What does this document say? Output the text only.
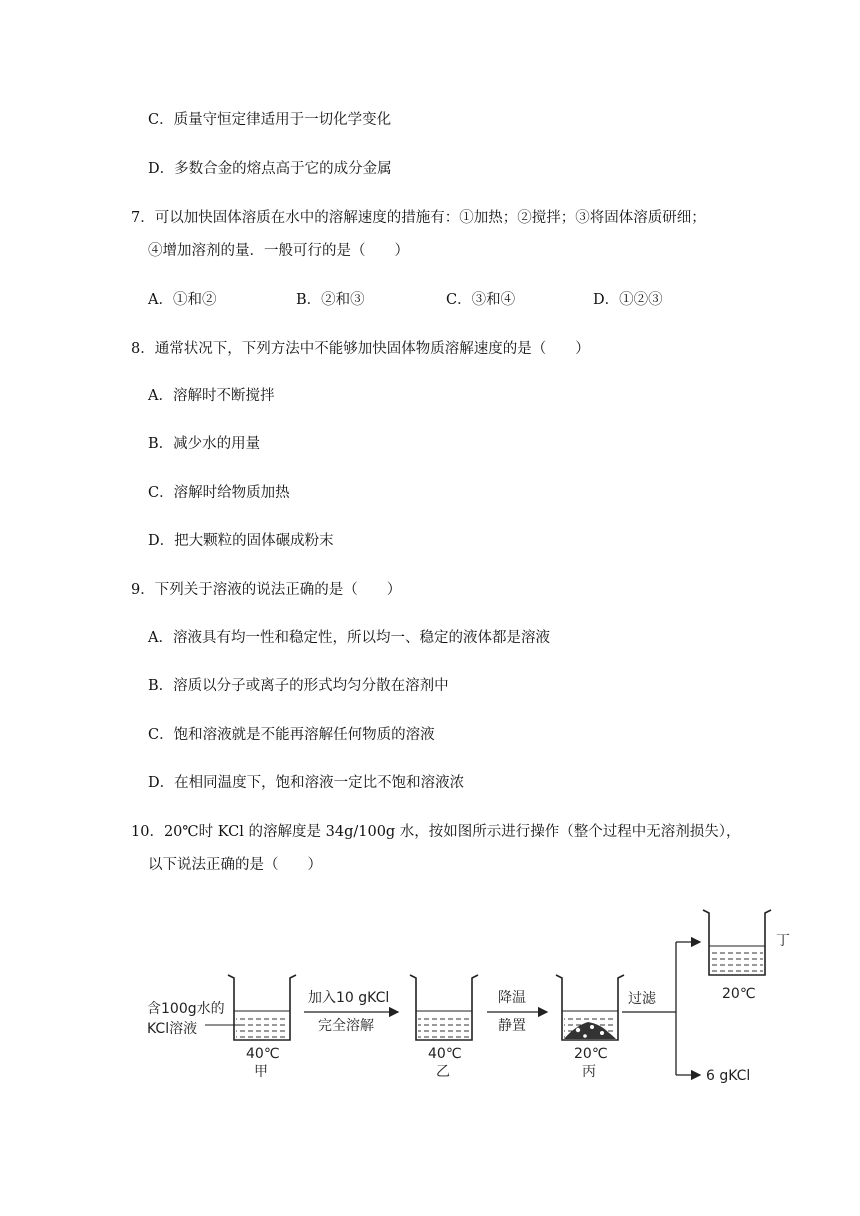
C．质量守恒定律适用于一切化学变化
D．多数合金的熔点高于它的成分金属
7．可以加快固体溶质在水中的溶解速度的措施有：①加热；②搅拌；③将固体溶质研细；
④增加溶剂的量．一般可行的是（　　）
A．①和②	B．②和③	C．③和④	D．①②③
8．通常状况下，下列方法中不能够加快固体物质溶解速度的是（　　）
A．溶解时不断搅拌
B．减少水的用量
C．溶解时给物质加热
D．把大颗粒的固体碾成粉末
9．下列关于溶液的说法正确的是（　　）
A．溶液具有均一性和稳定性，所以均一、稳定的液体都是溶液
B．溶质以分子或离子的形式均匀分散在溶剂中
C．饱和溶液就是不能再溶解任何物质的溶液
D．在相同温度下，饱和溶液一定比不饱和溶液浓
10．20℃时 KCl 的溶解度是 34g/100g 水，按如图所示进行操作（整个过程中无溶剂损失），
以下说法正确的是（　　）
含100g水的
KCl溶液
40℃
甲
加入10 gKCl
完全溶解
40℃
乙
降温
静置
20℃
丙
过滤
丁
20℃
6 gKCl
